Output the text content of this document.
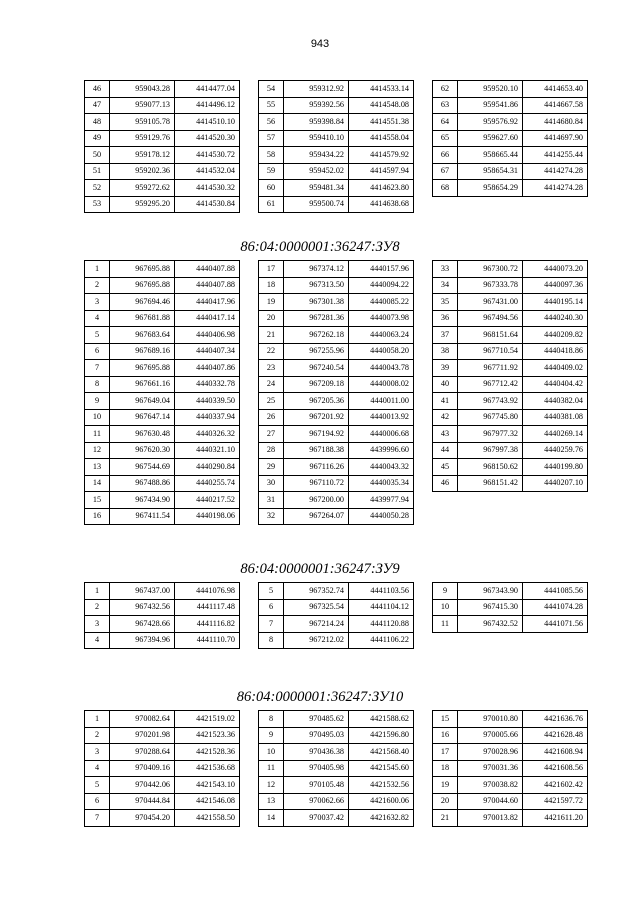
943
46	959043.28	4414477.04
47	959077.13	4414496.12
48	959105.78	4414510.10
49	959129.76	4414520.30
50	959178.12	4414530.72
51	959202.36	4414532.04
52	959272.62	4414530.32
53	959295.20	4414530.84
54	959312.92	4414533.14
55	959392.56	4414548.08
56	959398.84	4414551.38
57	959410.10	4414558.04
58	959434.22	4414579.92
59	959452.02	4414597.94
60	959481.34	4414623.80
61	959500.74	4414638.68
62	959520.10	4414653.40
63	959541.86	4414667.58
64	959576.92	4414680.84
65	959627.60	4414697.90
66	958665.44	4414255.44
67	958654.31	4414274.28
68	958654.29	4414274.28
86:04:0000001:36247:ЗУ8
1	967695.88	4440407.88
2	967695.88	4440407.88
3	967694.46	4440417.96
4	967681.88	4440417.14
5	967683.64	4440406.98
6	967689.16	4440407.34
7	967695.88	4440407.86
8	967661.16	4440332.78
9	967649.04	4440339.50
10	967647.14	4440337.94
11	967630.48	4440326.32
12	967620.30	4440321.10
13	967544.69	4440290.84
14	967488.86	4440255.74
15	967434.90	4440217.52
16	967411.54	4440198.06
17	967374.12	4440157.96
18	967313.50	4440094.22
19	967301.38	4440085.22
20	967281.36	4440073.98
21	967262.18	4440063.24
22	967255.96	4440058.20
23	967240.54	4440043.78
24	967209.18	4440008.02
25	967205.36	4440011.00
26	967201.92	4440013.92
27	967194.92	4440006.68
28	967188.38	4439996.60
29	967116.26	4440043.32
30	967110.72	4440035.34
31	967200.00	4439977.94
32	967264.07	4440050.28
33	967300.72	4440073.20
34	967333.78	4440097.36
35	967431.00	4440195.14
36	967494.56	4440240.30
37	968151.64	4440209.82
38	967710.54	4440418.86
39	967711.92	4440409.02
40	967712.42	4440404.42
41	967743.92	4440382.04
42	967745.80	4440381.08
43	967977.32	4440269.14
44	967997.38	4440259.76
45	968150.62	4440199.80
46	968151.42	4440207.10
86:04:0000001:36247:ЗУ9
1	967437.00	4441076.98
2	967432.56	4441117.48
3	967428.66	4441116.82
4	967394.96	4441110.70
5	967352.74	4441103.56
6	967325.54	4441104.12
7	967214.24	4441120.88
8	967212.02	4441106.22
9	967343.90	4441085.56
10	967415.30	4441074.28
11	967432.52	4441071.56
86:04:0000001:36247:ЗУ10
1	970082.64	4421519.02
2	970201.98	4421523.36
3	970288.64	4421528.36
4	970409.16	4421536.68
5	970442.06	4421543.10
6	970444.84	4421546.08
7	970454.20	4421558.50
8	970485.62	4421588.62
9	970495.03	4421596.80
10	970436.38	4421568.40
11	970405.98	4421545.60
12	970105.48	4421532.56
13	970062.66	4421600.06
14	970037.42	4421632.82
15	970010.80	4421636.76
16	970005.66	4421628.48
17	970028.96	4421608.94
18	970031.36	4421608.56
19	970038.82	4421602.42
20	970044.60	4421597.72
21	970013.82	4421611.20
